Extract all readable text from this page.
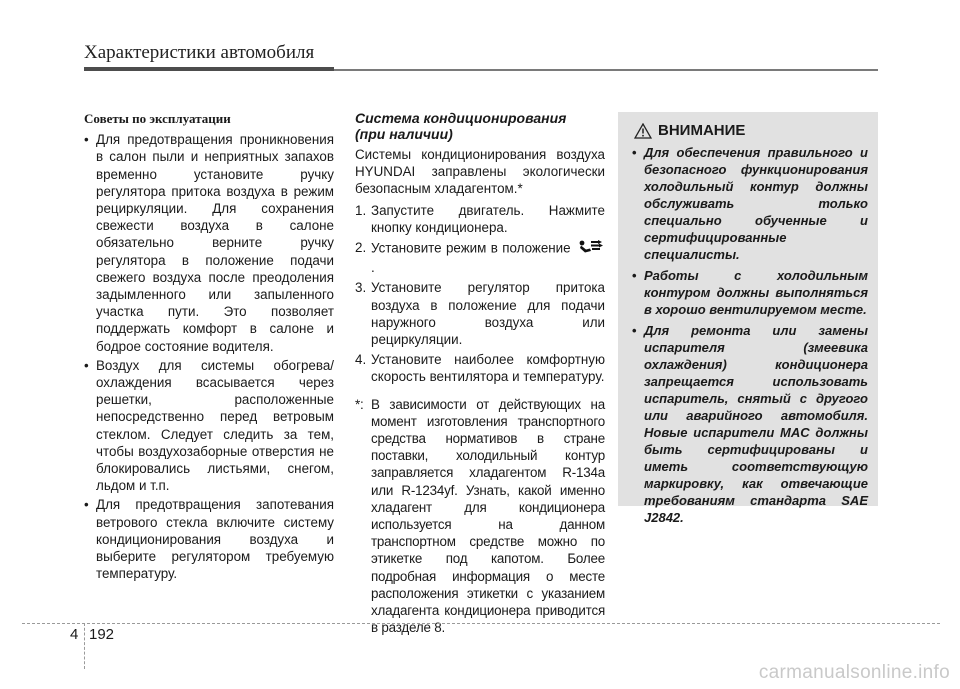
Характеристики автомобиля
Советы по эксплуатации
• Для предотвращения проникновения в салон пыли и неприятных запахов временно установите ручку регулятора притока воздуха в режим рециркуляции. Для сохранения свежести воздуха в салоне обязательно верните ручку регулятора в положение подачи свежего воздуха после преодоления задымленного или запыленного участка пути. Это позволяет поддержать комфорт в салоне и бодрое состояние водителя.
• Воздух для системы обогрева/охлаждения всасывается через решетки, расположенные непосредственно перед ветровым стеклом. Следует следить за тем, чтобы воздухозаборные отверстия не блокировались листьями, снегом, льдом и т.п.
• Для предотвращения запотевания ветрового стекла включите систему кондиционирования воздуха и выберите регулятором требуемую температуру.
Система кондиционирования
(при наличии)

Системы кондиционирования воздуха HYUNDAI заправлены экологически безопасным хладагентом.*

1. Запустите двигатель. Нажмите кнопку кондиционера.
2. Установите режим в положение  .
3. Установите регулятор притока воздуха в положение для подачи наружного воздуха или рециркуляции.
4. Установите наиболее комфортную скорость вентилятора и температуру.
*: В зависимости от действующих на момент изготовления транспортного средства нормативов в стране поставки, холодильный контур заправляется хладагентом R-134a или R-1234yf. Узнать, какой именно хладагент для кондиционера используется на данном транспортном средстве можно по этикетке под капотом. Более подробная информация о месте расположения этикетки с указанием хладагента кондиционера приводится в разделе 8.
ВНИМАНИЕ
• Для обеспечения правильного и безопасного функционирования холодильный контур должны обслуживать только специально обученные и сертифицированные специалисты.
• Работы с холодильным контуром должны выполняться в хорошо вентилируемом месте.
• Для ремонта или замены испарителя (змеевика охлаждения) кондиционера запрещается использовать испаритель, снятый с другого или аварийного автомобиля. Новые испарители MAC должны быть сертифицированы и иметь соответствующую маркировку, как отвечающие требованиям стандарта SAE J2842.
4 192
carmanualsonline.info
